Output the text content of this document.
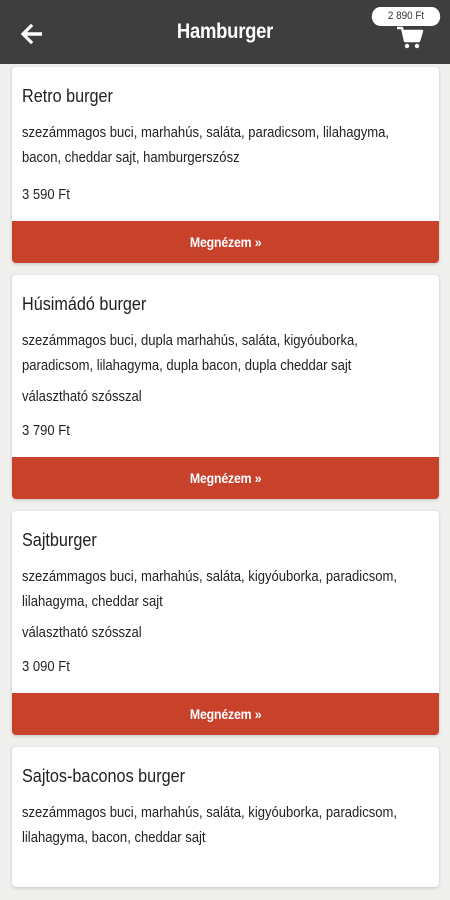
Hamburger
2 890 Ft
Retro burger
szezámmagos buci, marhahús, saláta, paradicsom, lilahagyma, bacon, cheddar sajt, hamburgerszósz
3 590 Ft
Megnézem »
Húsimádó burger
szezámmagos buci, dupla marhahús, saláta, kigyóuborka, paradicsom, lilahagyma, dupla bacon, dupla cheddar sajt
választható szósszal
3 790 Ft
Megnézem »
Sajtburger
szezámmagos buci, marhahús, saláta, kigyóuborka, paradicsom, lilahagyma, cheddar sajt
választható szósszal
3 090 Ft
Megnézem »
Sajtos-baconos burger
szezámmagos buci, marhahús, saláta, kigyóuborka, paradicsom, lilahagyma, bacon, cheddar sajt
